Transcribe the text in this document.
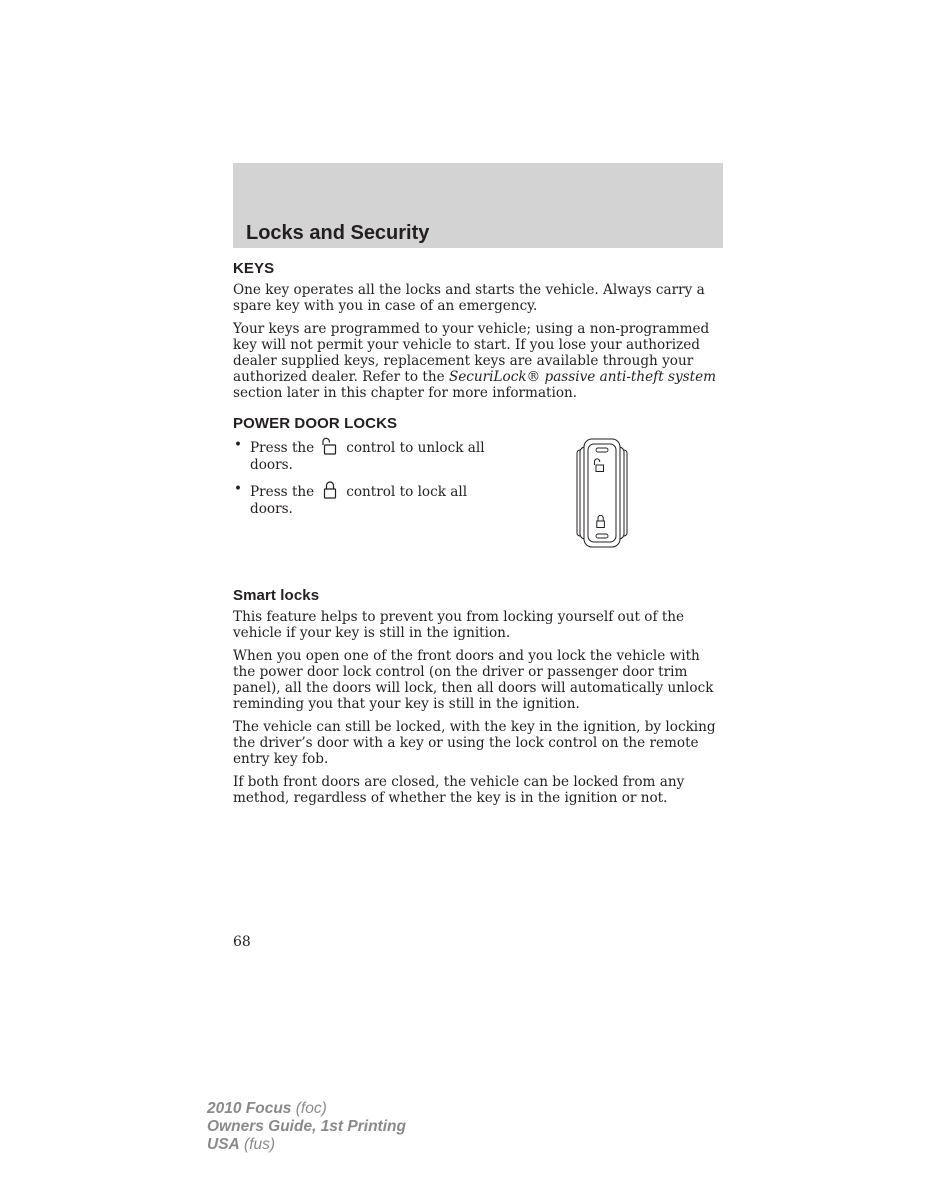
Locks and Security
KEYS

One key operates all the locks and starts the vehicle. Always carry a spare key with you in case of an emergency.

Your keys are programmed to your vehicle; using a non-programmed key will not permit your vehicle to start. If you lose your authorized dealer supplied keys, replacement keys are available through your authorized dealer. Refer to the SecuriLock® passive anti-theft system section later in this chapter for more information.

POWER DOOR LOCKS
• Press the control to unlock all doors.
• Press the control to lock all doors.
Smart locks

This feature helps to prevent you from locking yourself out of the vehicle if your key is still in the ignition.

When you open one of the front doors and you lock the vehicle with the power door lock control (on the driver or passenger door trim panel), all the doors will lock, then all doors will automatically unlock reminding you that your key is still in the ignition.

The vehicle can still be locked, with the key in the ignition, by locking the driver’s door with a key or using the lock control on the remote entry key fob.

If both front doors are closed, the vehicle can be locked from any method, regardless of whether the key is in the ignition or not.

68
2010 Focus (foc)
Owners Guide, 1st Printing
USA (fus)
